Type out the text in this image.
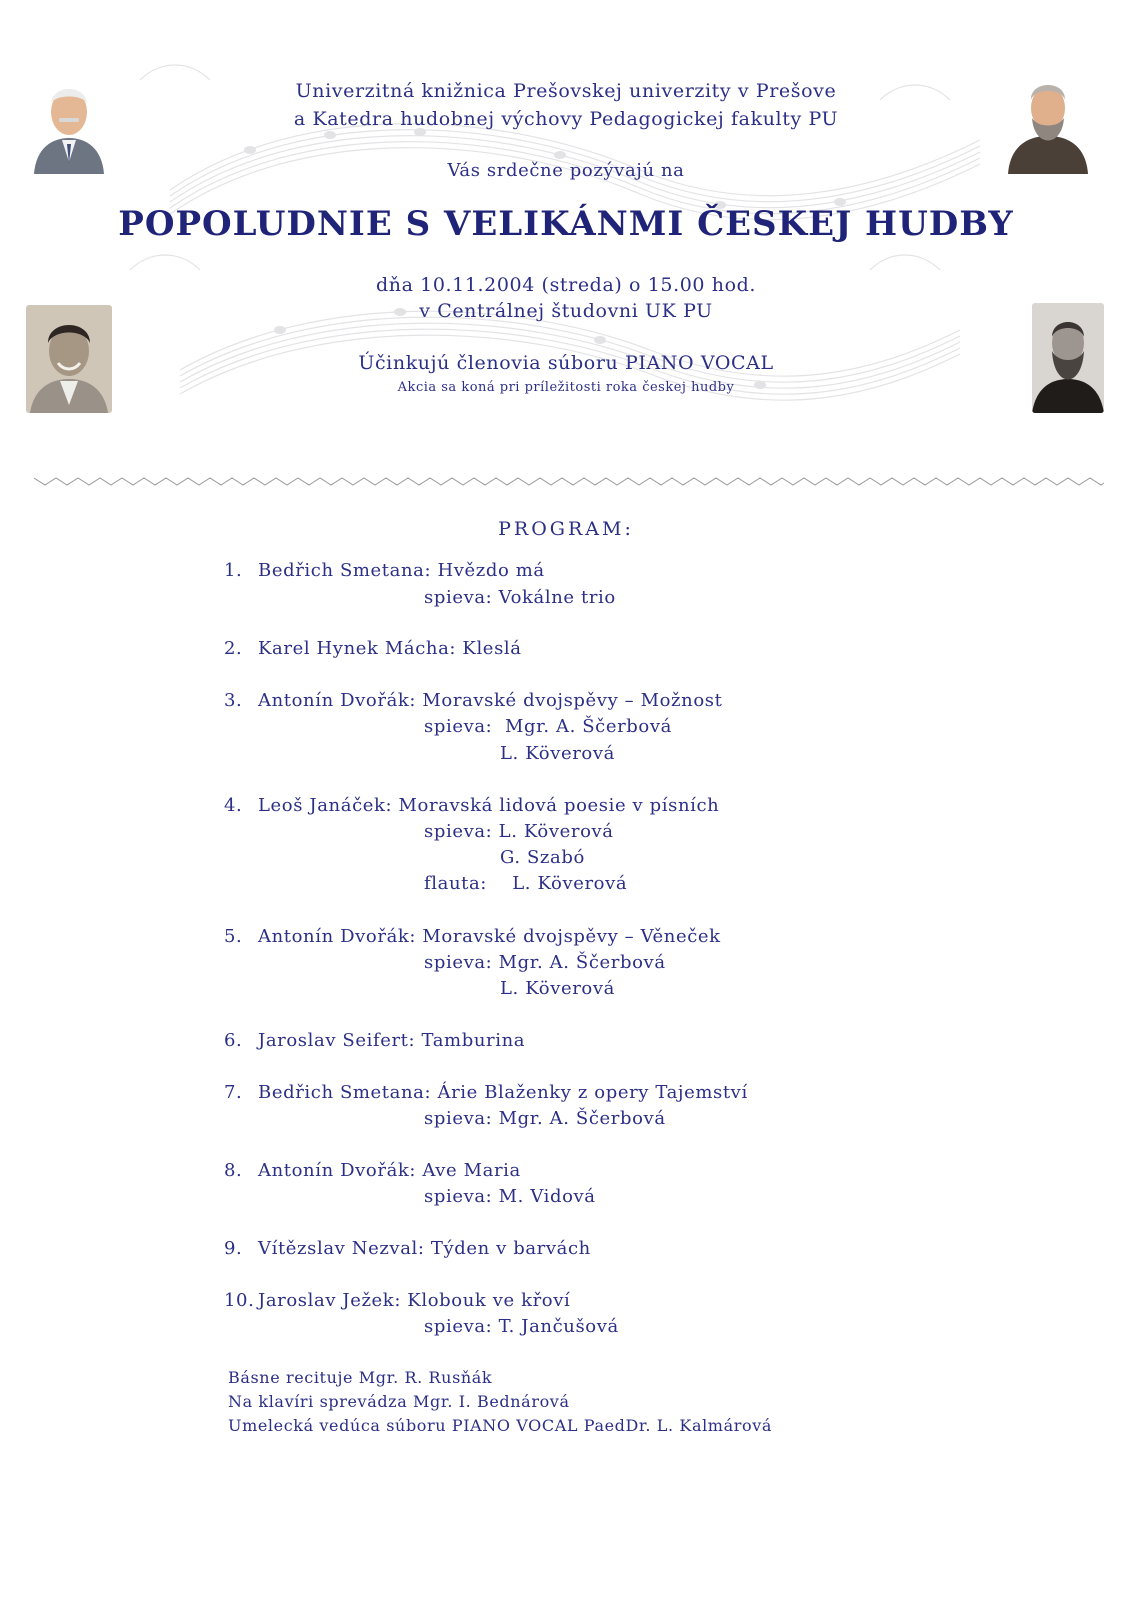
Univerzitná knižnica Prešovskej univerzity v Prešove
a Katedra hudobnej výchovy Pedagogickej fakulty PU
Vás srdečne pozývajú na
POPOLUDNIE S VELIKÁNMI ČESKEJ HUDBY
dňa 10.11.2004 (streda) o 15.00 hod.
v Centrálnej študovni UK PU
Účinkujú členovia súboru PIANO VOCAL
Akcia sa koná pri príležitosti roka českej hudby
PROGRAM:
1. Bedřich Smetana: Hvězdo má
spieva: Vokálne trio
2. Karel Hynek Mácha: Kleslá
3. Antonín Dvořák: Moravské dvojspěvy – Možnost
spieva:  Mgr. A. Ščerbová
L. Köverová
4. Leoš Janáček: Moravská lidová poesie v písních
spieva: L. Köverová
G. Szabó
flauta:    L. Köverová
5. Antonín Dvořák: Moravské dvojspěvy – Věneček
spieva: Mgr. A. Ščerbová
L. Köverová
6. Jaroslav Seifert: Tamburina
7. Bedřich Smetana: Árie Blaženky z opery Tajemství
spieva: Mgr. A. Ščerbová
8. Antonín Dvořák: Ave Maria
spieva: M. Vidová
9. Vítězslav Nezval: Týden v barvách
10. Jaroslav Ježek: Klobouk ve křoví
spieva: T. Jančušová
Básne recituje Mgr. R. Rusňák
Na klavíri sprevádza Mgr. I. Bednárová
Umelecká vedúca súboru PIANO VOCAL PaedDr. L. Kalmárová
